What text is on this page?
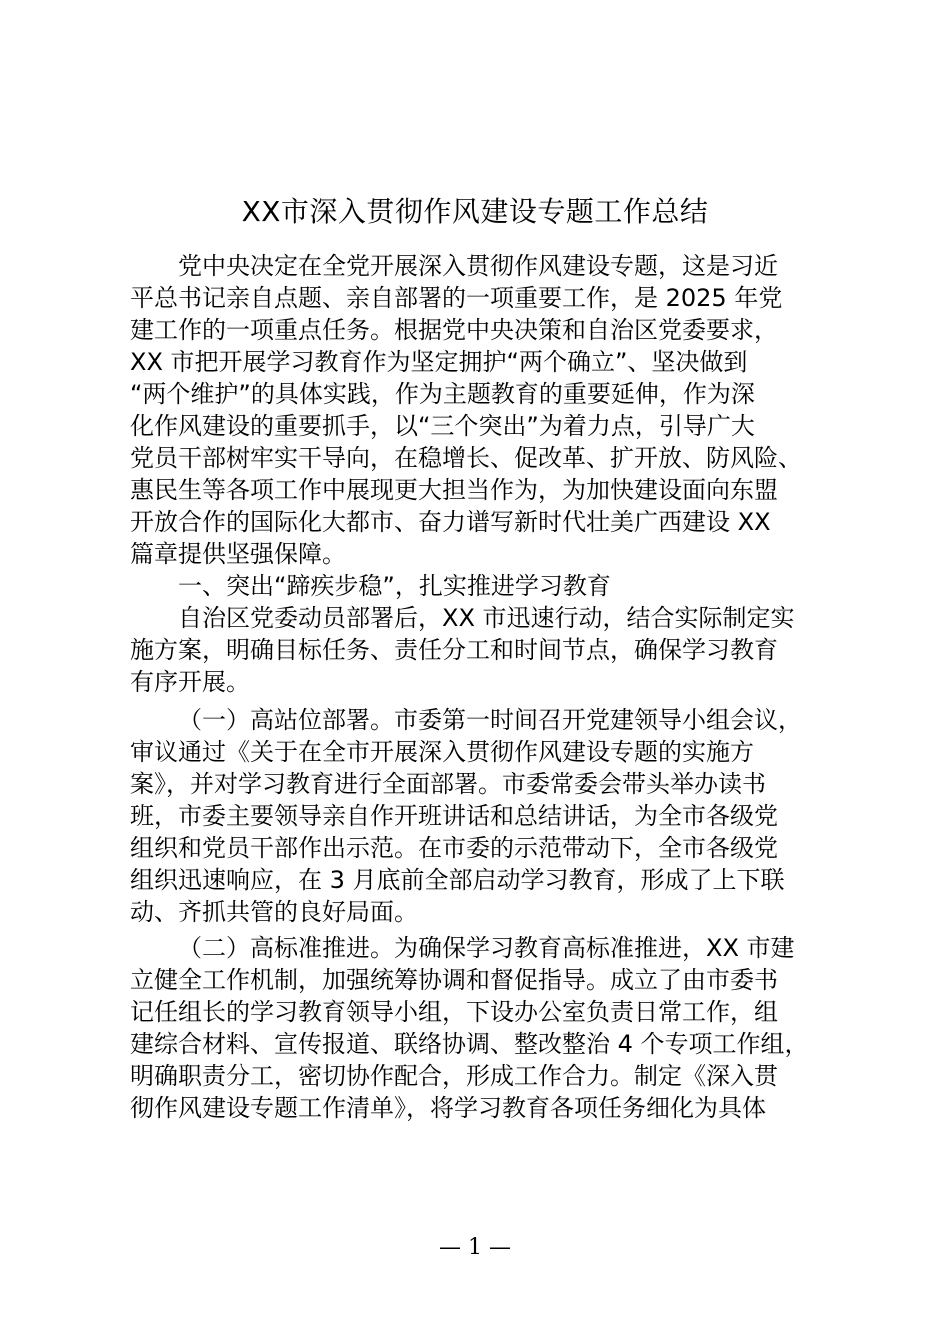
XX市深入贯彻作风建设专题工作总结
党中央决定在全党开展深入贯彻作风建设专题，这是习近
平总书记亲自点题、亲自部署的一项重要工作，是 2025 年党
建工作的一项重点任务。根据党中央决策和自治区党委要求，
XX 市把开展学习教育作为坚定拥护“两个确立”、坚决做到
“两个维护”的具体实践，作为主题教育的重要延伸，作为深
化作风建设的重要抓手，以“三个突出”为着力点，引导广大
党员干部树牢实干导向，在稳增长、促改革、扩开放、防风险、
惠民生等各项工作中展现更大担当作为，为加快建设面向东盟
开放合作的国际化大都市、奋力谱写新时代壮美广西建设 XX
篇章提供坚强保障。
一、突出“蹄疾步稳”，扎实推进学习教育
自治区党委动员部署后，XX 市迅速行动，结合实际制定实
施方案，明确目标任务、责任分工和时间节点，确保学习教育
有序开展。
（一）高站位部署。市委第一时间召开党建领导小组会议，
审议通过《关于在全市开展深入贯彻作风建设专题的实施方
案》，并对学习教育进行全面部署。市委常委会带头举办读书
班，市委主要领导亲自作开班讲话和总结讲话，为全市各级党
组织和党员干部作出示范。在市委的示范带动下，全市各级党
组织迅速响应，在 3 月底前全部启动学习教育，形成了上下联
动、齐抓共管的良好局面。
（二）高标准推进。为确保学习教育高标准推进，XX 市建
立健全工作机制，加强统筹协调和督促指导。成立了由市委书
记任组长的学习教育领导小组，下设办公室负责日常工作，组
建综合材料、宣传报道、联络协调、整改整治 4 个专项工作组，
明确职责分工，密切协作配合，形成工作合力。制定《深入贯
彻作风建设专题工作清单》，将学习教育各项任务细化为具体
— 1 —
